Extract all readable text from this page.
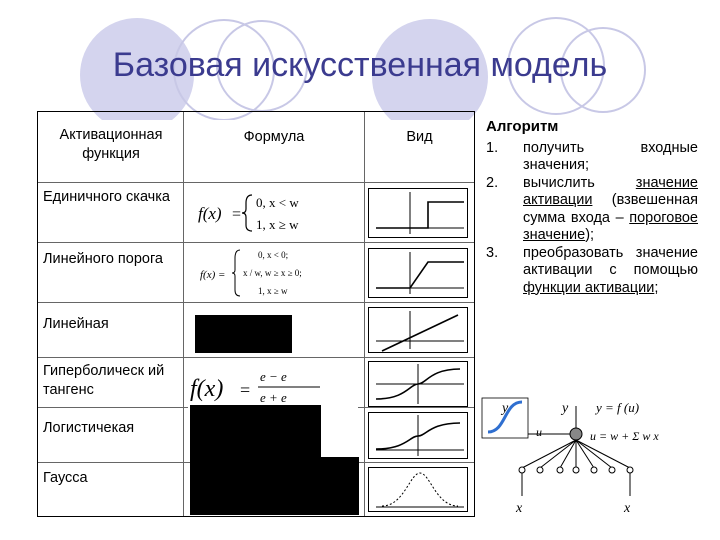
Базовая искусственная модель
Активационная функция
Формула	Вид
Единичного скачка
Линейного порога
Линейная
Гиперболическ ий тангенс
Логистичекая
Гаусса
f(x) =
0, x < w
1, x ≥ w
f(x) =
0, x < 0;
x / w, w ≥ x ≥ 0;
1, x ≥ w
f(x) =
e − e
e + e
Алгоритм
1. получить входные значения;
2. вычислить значение активации (взвешенная сумма входа – пороговое значение);
3. преобразовать значение активации с помощью функции активации;
y
u
y y = f (u)
u = w + Σ w x
x	x
